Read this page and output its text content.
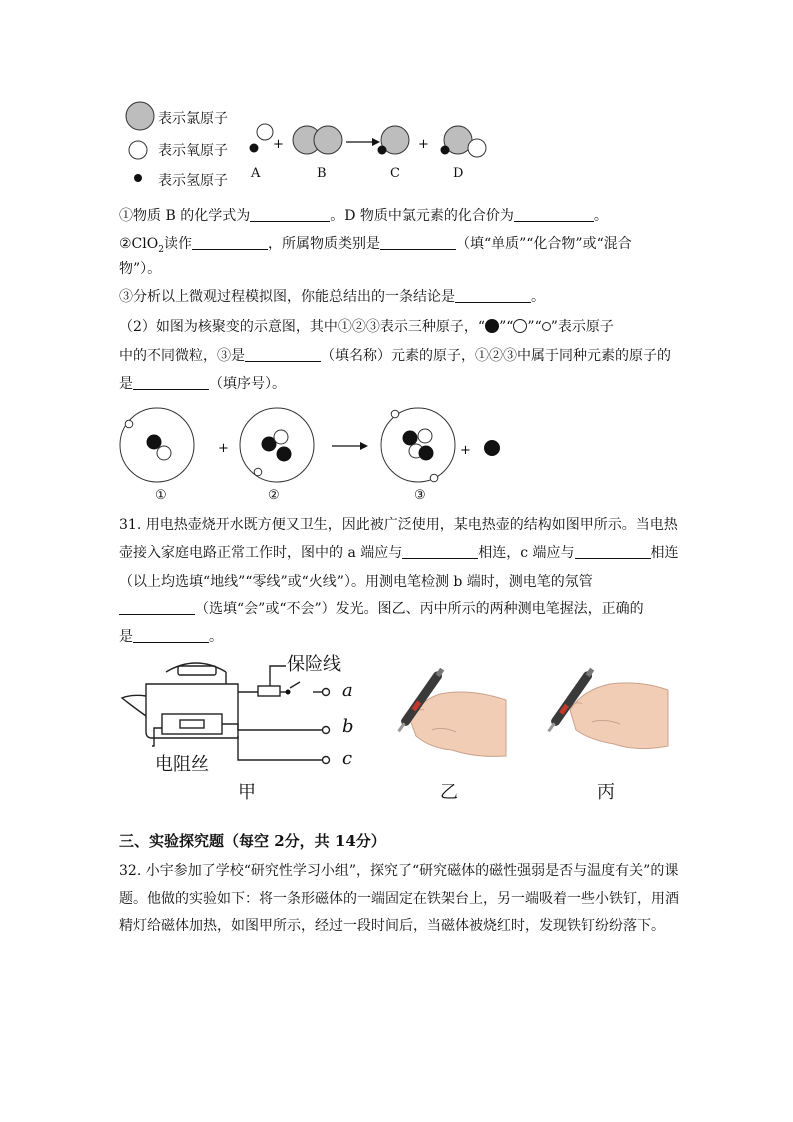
表示氯原子
表示氧原子
表示氢原子
+	+
A	B	C	D
①物质 B 的化学式为	。D 物质中氯元素的化合价为	。
②ClO$_2$读作	，所属物质类别是	（填“单质”“化合物”或“混合
物”）。
③分析以上微观过程模拟图，你能总结出的一条结论是	。
（2）如图为核聚变的示意图，其中①②③表示三种原子，“ ”“ ”“ ”表示原子
中的不同微粒，③是	（填名称）元素的原子，①②③中属于同种元素的原子的
是	（填序号）。
+	+
①	②	③
31. 用电热壶烧开水既方便又卫生，因此被广泛使用，某电热壶的结构如图甲所示。当电热
壶接入家庭电路正常工作时，图中的 a 端应与	相连，c 端应与	相连
（以上均选填“地线”“零线”或“火线”）。用测电笔检测 b 端时，测电笔的氖管
（选填“会”或“不会”）发光。图乙、丙中所示的两种测电笔握法，正确的
是	。
保险线
电阻丝
a
b
c
甲	乙	丙
三、实验探究题（每空 2分，共 14分）
32. 小宇参加了学校“研究性学习小组”，探究了“研究磁体的磁性强弱是否与温度有关”的课
题。他做的实验如下：将一条形磁体的一端固定在铁架台上，另一端吸着一些小铁钉，用酒
精灯给磁体加热，如图甲所示，经过一段时间后，当磁体被烧红时，发现铁钉纷纷落下。
